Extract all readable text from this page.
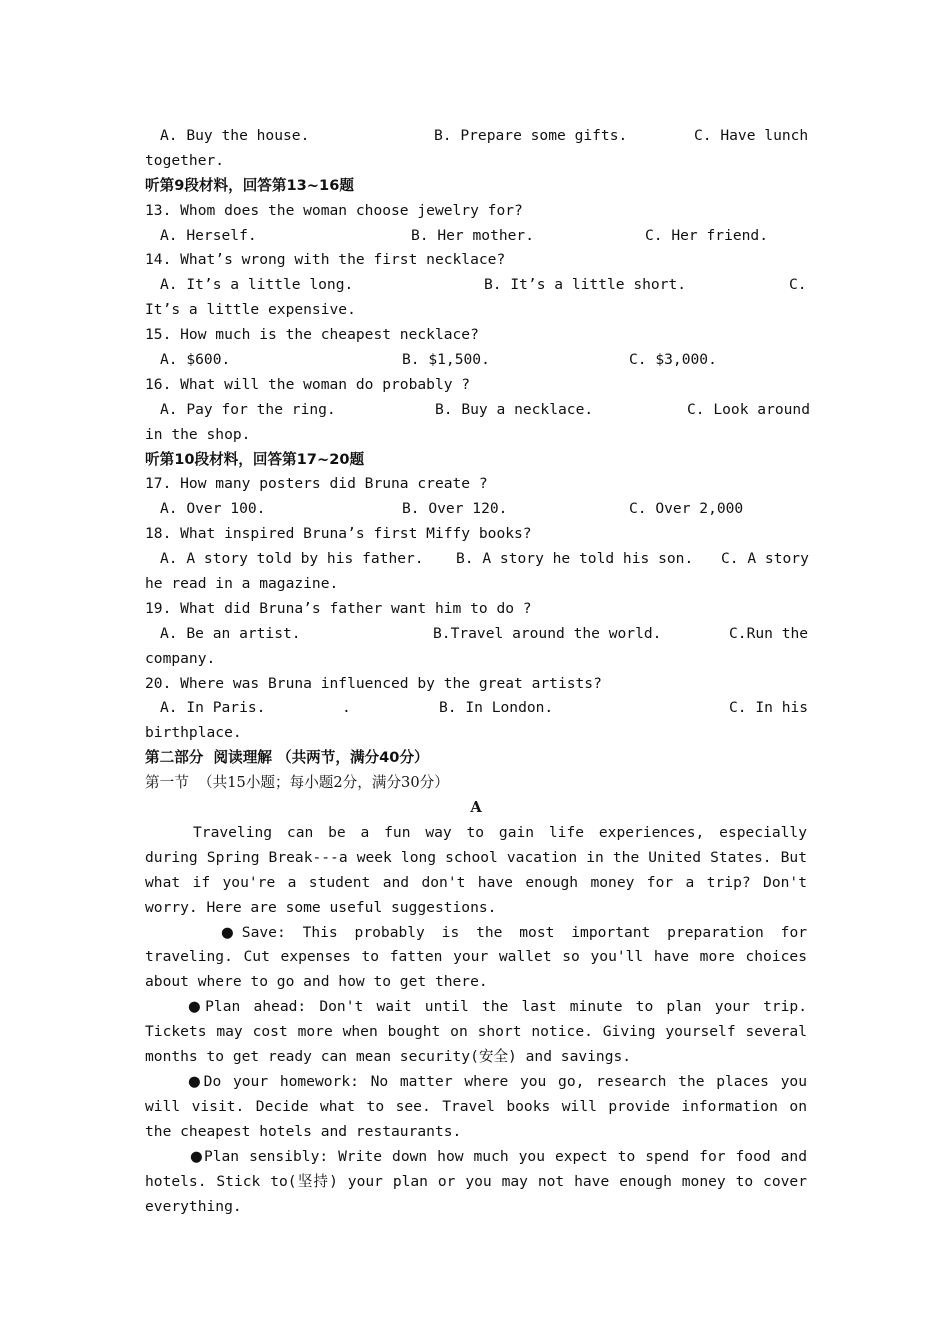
A. Buy the house.	B. Prepare some gifts.	C. Have lunch
together.
听第9段材料，回答第13~16题
13. Whom does the woman choose jewelry for?
A. Herself.	B. Her mother.	C. Her friend.
14. What’s wrong with the first necklace?
A. It’s a little long.	B. It’s a little short.	C.
It’s a little expensive.
15. How much is the cheapest necklace?
A. $600.	B. $1,500.	C. $3,000.
16. What will the woman do probably ?
A. Pay for the ring.	B. Buy a necklace.	C. Look around
in the shop.
听第10段材料，回答第17~20题
17. How many posters did Bruna create ?
A. Over 100.	B. Over 120.	C. Over 2,000
18. What inspired Bruna’s first Miffy books?
A. A story told by his father. B. A story he told his son. C. A story
he read in a magazine.
19. What did Bruna’s father want him to do ?
A. Be an artist.	B.Travel around the world.	C.Run the
company.
20. Where was Bruna influenced by the great artists?
A. In Paris.	.	B. In London.	C. In his
birthplace.
第二部分  阅读理解 （共两节，满分40分）
第一节  （共15小题；每小题2分，满分30分）
A
Traveling can be a fun way to gain life experiences, especially during Spring Break---a week long school vacation in the United States. But what if you're a student and don't have enough money for a trip? Don't worry. Here are some useful suggestions.
●Save: This probably is the most important preparation for traveling. Cut expenses to fatten your wallet so you'll have more choices about where to go and how to get there.
●Plan ahead: Don't wait until the last minute to plan your trip. Tickets may cost more when bought on short notice. Giving yourself several months to get ready can mean security(安全) and savings.
●Do your homework: No matter where you go, research the places you will visit. Decide what to see. Travel books will provide information on the cheapest hotels and restaurants.
●Plan sensibly: Write down how much you expect to spend for food and hotels. Stick to(坚持) your plan or you may not have enough money to cover everything.
